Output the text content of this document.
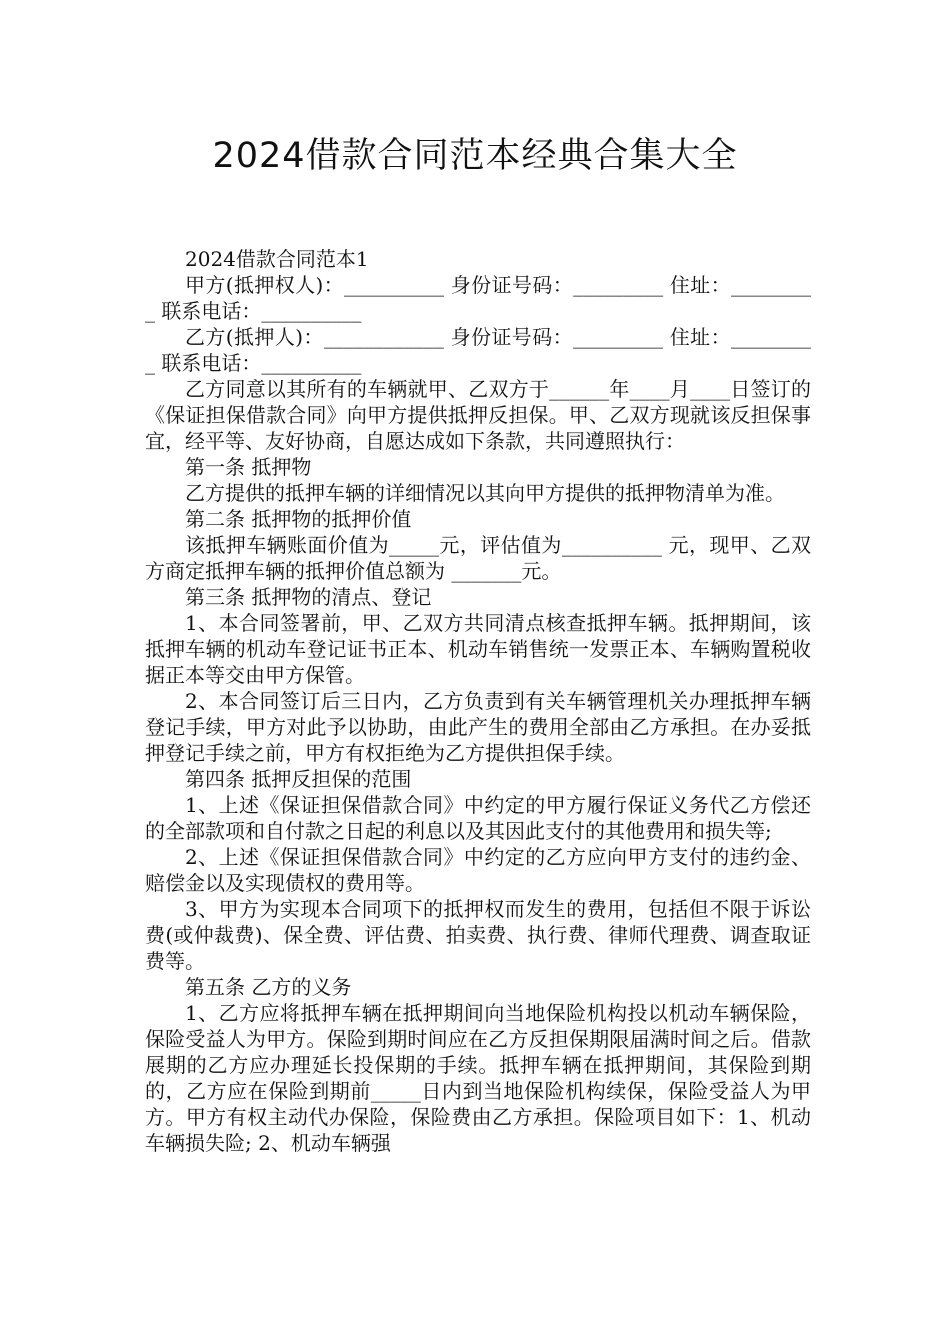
2024借款合同范本经典合集大全

2024借款合同范本1

甲方(抵押权人)：__________ 身份证号码：_________ 住址：_________ 联系电话：__________

乙方(抵押人)：____________ 身份证号码：_________ 住址：_________ 联系电话：__________

乙方同意以其所有的车辆就甲、乙双方于______年____月____日签订的《保证担保借款合同》向甲方提供抵押反担保。甲、乙双方现就该反担保事宜，经平等、友好协商，自愿达成如下条款，共同遵照执行：

第一条 抵押物

乙方提供的抵押车辆的详细情况以其向甲方提供的抵押物清单为准。

第二条 抵押物的抵押价值

该抵押车辆账面价值为_____元，评估值为__________ 元，现甲、乙双方商定抵押车辆的抵押价值总额为 _______元。

第三条 抵押物的清点、登记

1、本合同签署前，甲、乙双方共同清点核查抵押车辆。抵押期间，该抵押车辆的机动车登记证书正本、机动车销售统一发票正本、车辆购置税收据正本等交由甲方保管。

2、本合同签订后三日内，乙方负责到有关车辆管理机关办理抵押车辆登记手续，甲方对此予以协助，由此产生的费用全部由乙方承担。在办妥抵押登记手续之前，甲方有权拒绝为乙方提供担保手续。

第四条 抵押反担保的范围

1、上述《保证担保借款合同》中约定的甲方履行保证义务代乙方偿还的全部款项和自付款之日起的利息以及其因此支付的其他费用和损失等;

2、上述《保证担保借款合同》中约定的乙方应向甲方支付的违约金、赔偿金以及实现债权的费用等。

3、甲方为实现本合同项下的抵押权而发生的费用，包括但不限于诉讼费(或仲裁费)、保全费、评估费、拍卖费、执行费、律师代理费、调查取证费等。

第五条 乙方的义务

1、乙方应将抵押车辆在抵押期间向当地保险机构投以机动车辆保险，保险受益人为甲方。保险到期时间应在乙方反担保期限届满时间之后。借款展期的乙方应办理延长投保期的手续。抵押车辆在抵押期间，其保险到期的，乙方应在保险到期前_____日内到当地保险机构续保，保险受益人为甲方。甲方有权主动代办保险，保险费由乙方承担。保险项目如下：1、机动车辆损失险; 2、机动车辆强
